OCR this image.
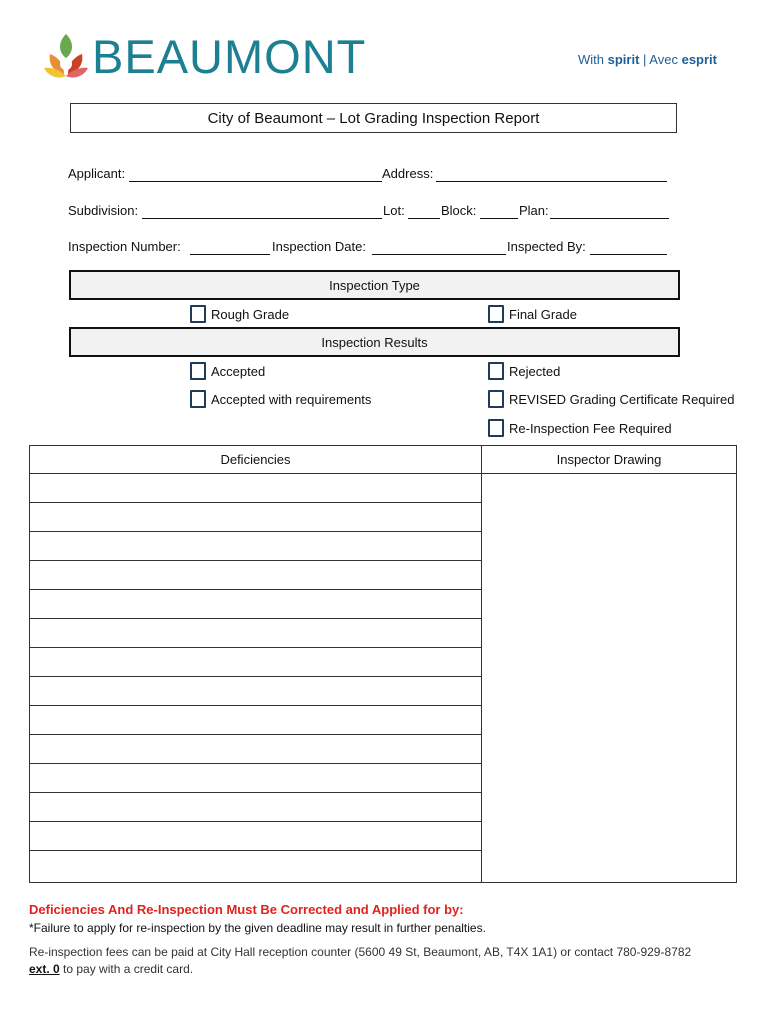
BEAUMONT	With spirit | Avec esprit
City of Beaumont – Lot Grading Inspection Report
Applicant:	Address:
Subdivision:	Lot:	Block:	Plan:
Inspection Number:	Inspection Date:	Inspected By:
Inspection Type
Rough Grade	Final Grade
Inspection Results
Accepted
Accepted with requirements
Rejected
REVISED Grading Certificate Required
Re-Inspection Fee Required
Deficiencies	Inspector Drawing
Deficiencies And Re-Inspection Must Be Corrected and Applied for by:
*Failure to apply for re-inspection by the given deadline may result in further penalties.
Re-inspection fees can be paid at City Hall reception counter (5600 49 St, Beaumont, AB, T4X 1A1) or contact 780-929-8782
ext. 0 to pay with a credit card.
